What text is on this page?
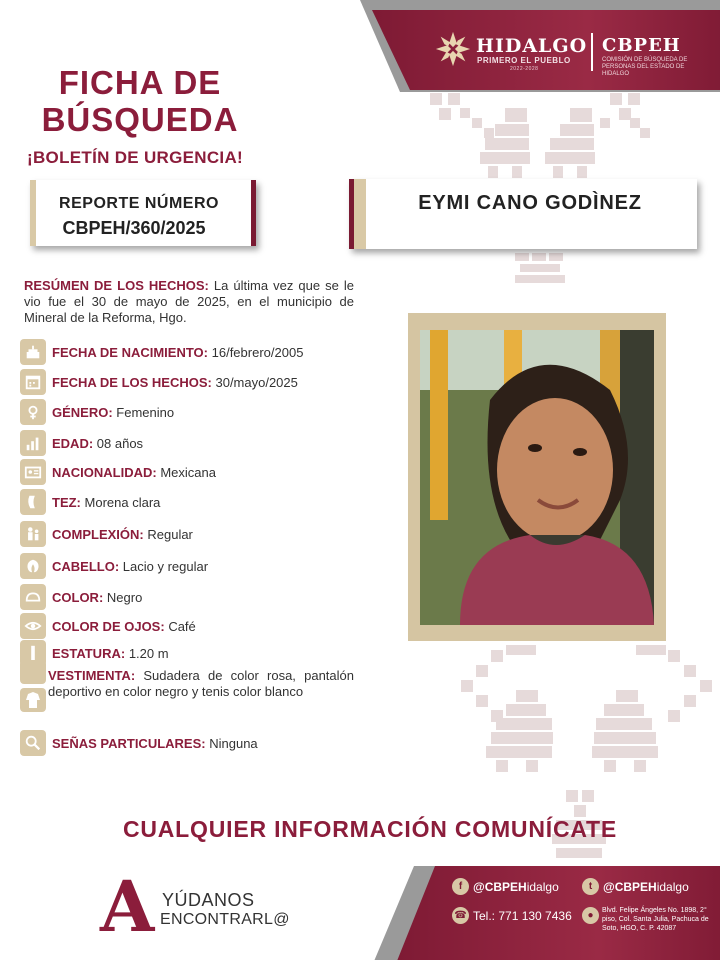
HIDALGO
PRIMERO EL PUEBLO
2022-2028
CBPEH
COMISIÓN DE BÚSQUEDA DE PERSONAS DEL ESTADO DE HIDALGO
FICHA DE
BÚSQUEDA
¡BOLETÍN DE URGENCIA!
REPORTE NÚMERO
CBPEH/360/2025
EYMI CANO GODÌNEZ
RESÚMEN DE LOS HECHOS: La última vez que se le vio fue el 30 de mayo de 2025, en el municipio de Mineral de la Reforma, Hgo.
FECHA DE NACIMIENTO:
16/febrero/2005
FECHA DE LOS HECHOS:
30/mayo/2025
GÉNERO:
Femenino
EDAD:
08 años
NACIONALIDAD:
Mexicana
TEZ:
Morena clara
COMPLEXIÓN:
Regular
CABELLO:
Lacio y regular
COLOR:
Negro
COLOR DE OJOS:
Café
ESTATURA:
1.20 m
VESTIMENTA: Sudadera de color rosa, pantalón deportivo en color negro y tenis color blanco
SEÑAS PARTICULARES:
Ninguna
CUALQUIER INFORMACIÓN COMUNÍCATE
A YÚDANOS
ENCONTRARL@
f @CBPEHidalgo	t @CBPEHidalgo
☎ Tel.: 771 130 7436	●	Blvd. Felipe Ángeles No. 1898, 2° piso, Col. Santa Julia, Pachuca de Soto, HGO, C. P. 42087
